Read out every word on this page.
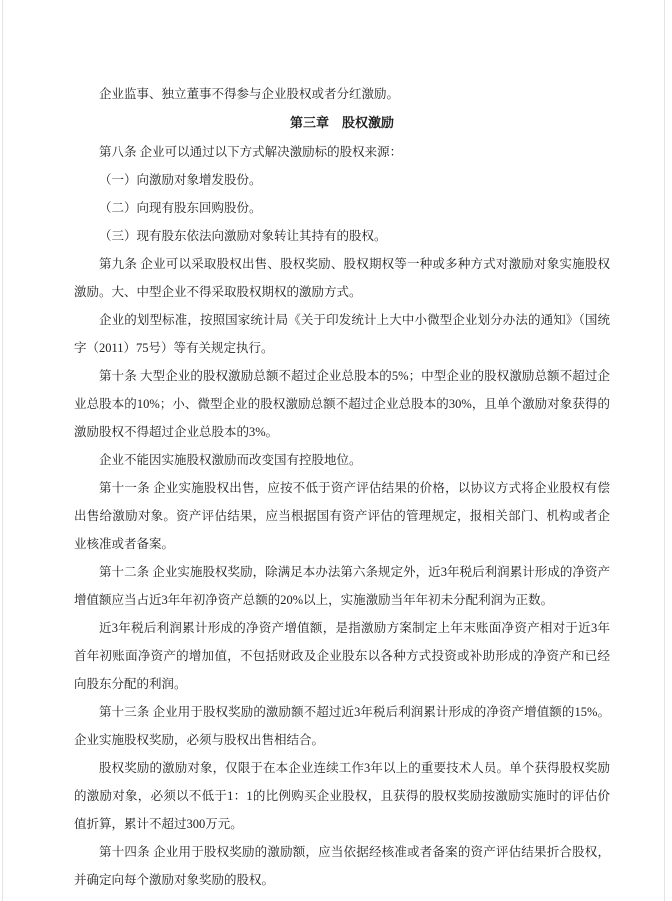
企业监事、独立董事不得参与企业股权或者分红激励。

第三章　股权激励

第八条 企业可以通过以下方式解决激励标的股权来源：

（一）向激励对象增发股份。

（二）向现有股东回购股份。

（三）现有股东依法向激励对象转让其持有的股权。

第九条 企业可以采取股权出售、股权奖励、股权期权等一种或多种方式对激励对象实施股权激励。大、中型企业不得采取股权期权的激励方式。

企业的划型标准，按照国家统计局《关于印发统计上大中小微型企业划分办法的通知》（国统字（2011）75号）等有关规定执行。

第十条 大型企业的股权激励总额不超过企业总股本的5%；中型企业的股权激励总额不超过企业总股本的10%；小、微型企业的股权激励总额不超过企业总股本的30%，且单个激励对象获得的激励股权不得超过企业总股本的3%。

企业不能因实施股权激励而改变国有控股地位。

第十一条 企业实施股权出售，应按不低于资产评估结果的价格，以协议方式将企业股权有偿出售给激励对象。资产评估结果，应当根据国有资产评估的管理规定，报相关部门、机构或者企业核准或者备案。

第十二条 企业实施股权奖励，除满足本办法第六条规定外，近3年税后利润累计形成的净资产增值额应当占近3年年初净资产总额的20%以上，实施激励当年年初未分配利润为正数。

近3年税后利润累计形成的净资产增值额，是指激励方案制定上年末账面净资产相对于近3年首年初账面净资产的增加值，不包括财政及企业股东以各种方式投资或补助形成的净资产和已经向股东分配的利润。

第十三条 企业用于股权奖励的激励额不超过近3年税后利润累计形成的净资产增值额的15%。企业实施股权奖励，必须与股权出售相结合。

股权奖励的激励对象，仅限于在本企业连续工作3年以上的重要技术人员。单个获得股权奖励的激励对象，必须以不低于1：1的比例购买企业股权，且获得的股权奖励按激励实施时的评估价值折算，累计不超过300万元。

第十四条 企业用于股权奖励的激励额，应当依据经核准或者备案的资产评估结果折合股权，并确定向每个激励对象奖励的股权。
